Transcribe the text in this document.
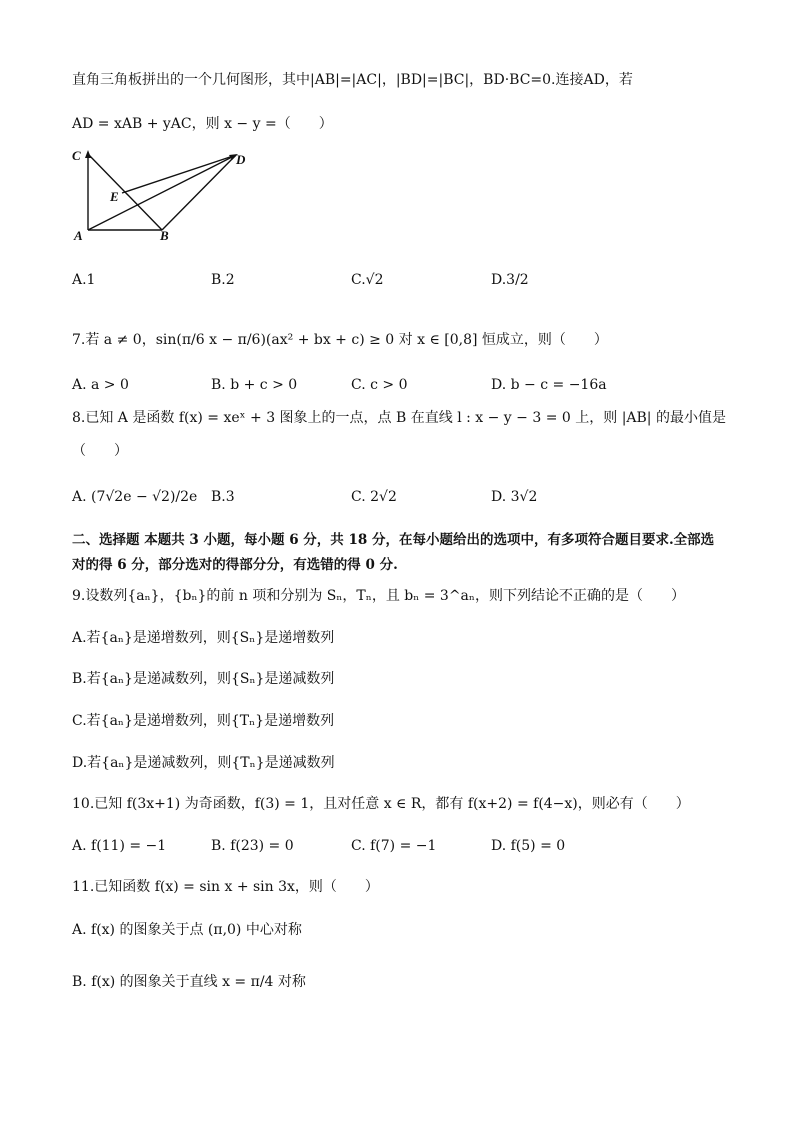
直角三角板拼出的一个几何图形，其中|AB|=|AC|，|BD|=|BC|，BD·BC=0.连接AD，若
AD = xAB + yAC，则 x − y =（　　）
C	D
E
A	B
A.1	B.2	C.√2	D.3/2
7.若 a ≠ 0，sin(π/6 x − π/6)(ax² + bx + c) ≥ 0 对 x ∈ [0,8] 恒成立，则（　　）
A. a > 0	B. b + c > 0	C. c > 0	D. b − c = −16a
8.已知 A 是函数 f(x) = xeˣ + 3 图象上的一点，点 B 在直线 l : x − y − 3 = 0 上，则 |AB| 的最小值是
（　　）
A. (7√2e − √2)/2e B.3	C. 2√2	D. 3√2
二、选择题 本题共 3 小题，每小题 6 分，共 18 分，在每小题给出的选项中，有多项符合题目要求.全部选
对的得 6 分，部分选对的得部分分，有选错的得 0 分.
9.设数列{aₙ}，{bₙ}的前 n 项和分别为 Sₙ，Tₙ，且 bₙ = 3^aₙ，则下列结论不正确的是（　　）
A.若{aₙ}是递增数列，则{Sₙ}是递增数列
B.若{aₙ}是递减数列，则{Sₙ}是递减数列
C.若{aₙ}是递增数列，则{Tₙ}是递增数列
D.若{aₙ}是递减数列，则{Tₙ}是递减数列
10.已知 f(3x+1) 为奇函数，f(3) = 1，且对任意 x ∈ R，都有 f(x+2) = f(4−x)，则必有（　　）
A. f(11) = −1	B. f(23) = 0	C. f(7) = −1	D. f(5) = 0
11.已知函数 f(x) = sin x + sin 3x，则（　　）
A. f(x) 的图象关于点 (π,0) 中心对称
B. f(x) 的图象关于直线 x = π/4 对称
